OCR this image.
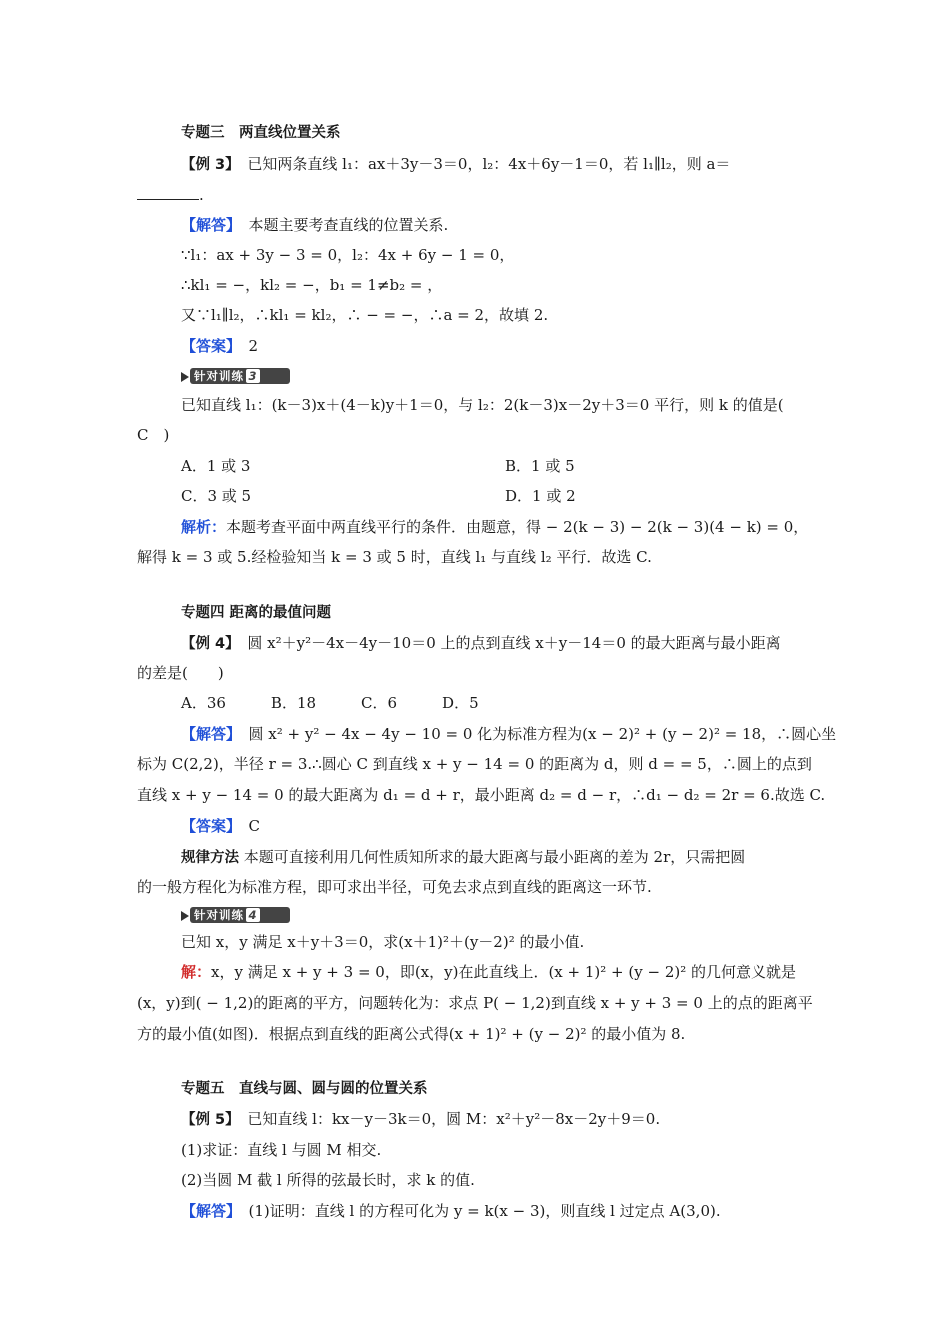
专题三　两直线位置关系
【例 3】　已知两条直线 l₁：ax＋3y－3＝0，l₂：4x＋6y－1＝0，若 l₁∥l₂，则 a＝
.
【解答】　本题主要考查直线的位置关系.
∵l₁：ax + 3y − 3 = 0，l₂：4x + 6y − 1 = 0，
∴kl₁ = −，kl₂ = −，b₁ = 1≠b₂ = ，
又∵l₁∥l₂，∴kl₁ = kl₂，∴ − = −，∴a = 2，故填 2.
【答案】　2
针对训练 3
已知直线 l₁：(k－3)x＋(4－k)y＋1＝0，与 l₂：2(k－3)x－2y＋3＝0 平行，则 k 的值是(
C　)
A．1 或 3	B．1 或 5
C．3 或 5	D．1 或 2
解析：本题考查平面中两直线平行的条件．由题意，得 − 2(k − 3) − 2(k − 3)(4 − k) = 0，
解得 k = 3 或 5.经检验知当 k = 3 或 5 时，直线 l₁ 与直线 l₂ 平行．故选 C.
专题四 距离的最值问题
【例 4】　圆 x²＋y²－4x－4y－10＝0 上的点到直线 x＋y－14＝0 的最大距离与最小距离
的差是(　　)
A．36　　　B．18　　　C．6　　　D．5
【解答】　圆 x² + y² − 4x − 4y − 10 = 0 化为标准方程为(x − 2)² + (y − 2)² = 18，∴圆心坐
标为 C(2,2)，半径 r = 3.∴圆心 C 到直线 x + y − 14 = 0 的距离为 d，则 d = = 5，∴圆上的点到
直线 x + y − 14 = 0 的最大距离为 d₁ = d + r，最小距离 d₂ = d − r，∴d₁ − d₂ = 2r = 6.故选 C.
【答案】　C
规律方法 本题可直接利用几何性质知所求的最大距离与最小距离的差为 2r，只需把圆
的一般方程化为标准方程，即可求出半径，可免去求点到直线的距离这一环节.
针对训练 4
已知 x，y 满足 x＋y＋3＝0，求(x＋1)²＋(y－2)² 的最小值.
解：x，y 满足 x + y + 3 = 0，即(x，y)在此直线上．(x + 1)² + (y − 2)² 的几何意义就是
(x，y)到( − 1,2)的距离的平方，问题转化为：求点 P( − 1,2)到直线 x + y + 3 = 0 上的点的距离平
方的最小值(如图)．根据点到直线的距离公式得(x + 1)² + (y − 2)² 的最小值为 8.
专题五　直线与圆、圆与圆的位置关系
【例 5】　已知直线 l：kx－y－3k＝0，圆 M：x²＋y²－8x－2y＋9＝0.
(1)求证：直线 l 与圆 M 相交.
(2)当圆 M 截 l 所得的弦最长时，求 k 的值.
【解答】　(1)证明：直线 l 的方程可化为 y = k(x − 3)，则直线 l 过定点 A(3,0).
